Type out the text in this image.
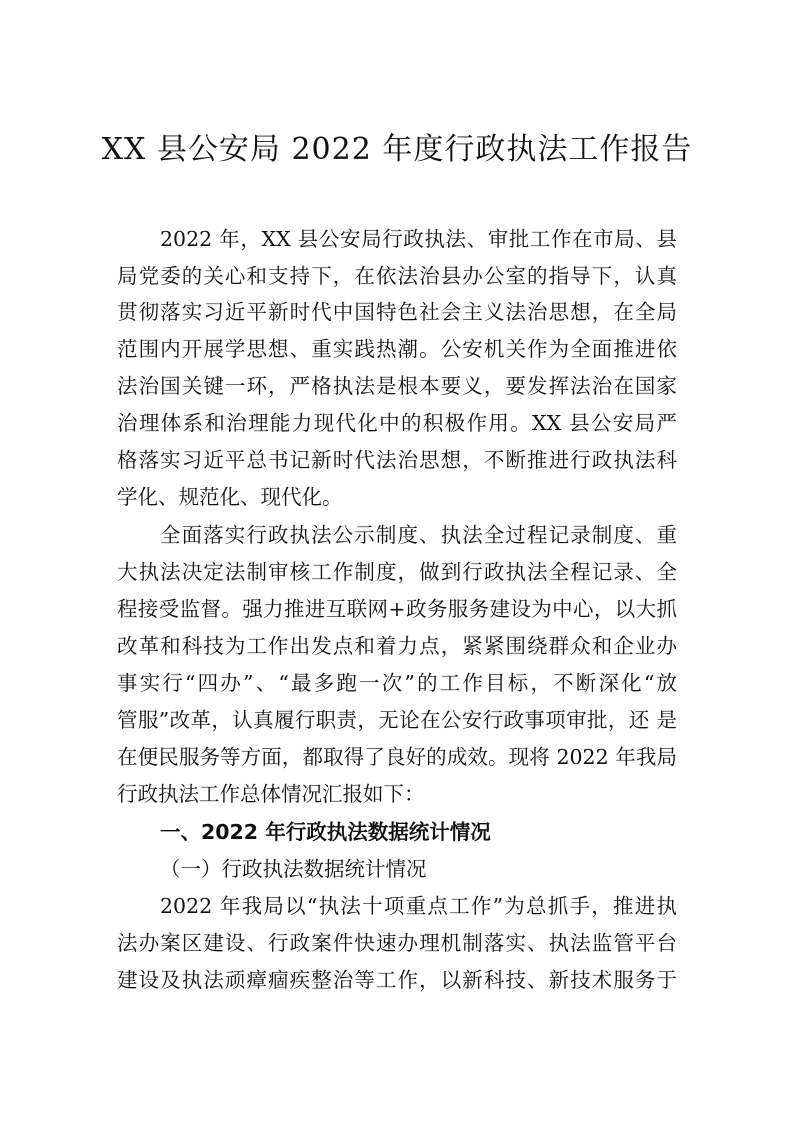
XX 县公安局 2022 年度行政执法工作报告
2022 年，XX 县公安局行政执法、审批工作在市局、县
局党委的关心和支持下，在依法治县办公室的指导下，认真
贯彻落实习近平新时代中国特色社会主义法治思想，在全局
范围内开展学思想、重实践热潮。公安机关作为全面推进依
法治国关键一环，严格执法是根本要义，要发挥法治在国家
治理体系和治理能力现代化中的积极作用。XX 县公安局严
格落实习近平总书记新时代法治思想，不断推进行政执法科
学化、规范化、现代化。
全面落实行政执法公示制度、执法全过程记录制度、重
大执法决定法制审核工作制度，做到行政执法全程记录、全
程接受监督。强力推进互联网+政务服务建设为中心，以大抓
改革和科技为工作出发点和着力点，紧紧围绕群众和企业办
事实行“四办”、“最多跑一次”的工作目标，不断深化“放
管服”改革，认真履行职责，无论在公安行政事项审批，还 是
在便民服务等方面，都取得了良好的成效。现将 2022 年我局
行政执法工作总体情况汇报如下：
一、2022 年行政执法数据统计情况
（一）行政执法数据统计情况
2022 年我局以“执法十项重点工作”为总抓手，推进执
法办案区建设、行政案件快速办理机制落实、执法监管平台
建设及执法顽瘴痼疾整治等工作，以新科技、新技术服务于
